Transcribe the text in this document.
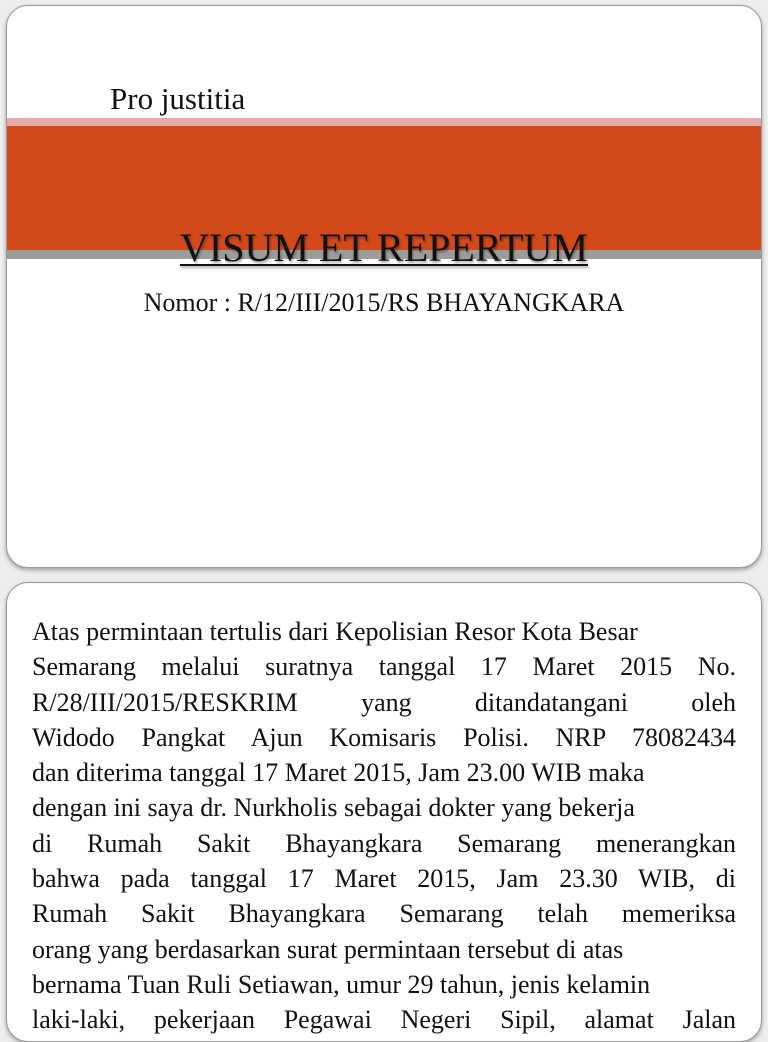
Pro justitia
VISUM ET REPERTUM
Nomor : R/12/III/2015/RS BHAYANGKARA
Atas permintaan tertulis dari Kepolisian Resor Kota Besar
Semarang melalui suratnya tanggal 17 Maret 2015 No.
R/28/III/2015/RESKRIM yang ditandatangani oleh
Widodo Pangkat Ajun Komisaris Polisi. NRP 78082434
dan diterima tanggal 17 Maret 2015, Jam 23.00 WIB maka
dengan ini saya dr. Nurkholis sebagai dokter yang bekerja
di Rumah Sakit Bhayangkara Semarang menerangkan
bahwa pada tanggal 17 Maret 2015, Jam 23.30 WIB, di
Rumah Sakit Bhayangkara Semarang telah memeriksa
orang yang berdasarkan surat permintaan tersebut di atas
bernama Tuan Ruli Setiawan, umur 29 tahun, jenis kelamin
laki-laki, pekerjaan Pegawai Negeri Sipil, alamat Jalan
